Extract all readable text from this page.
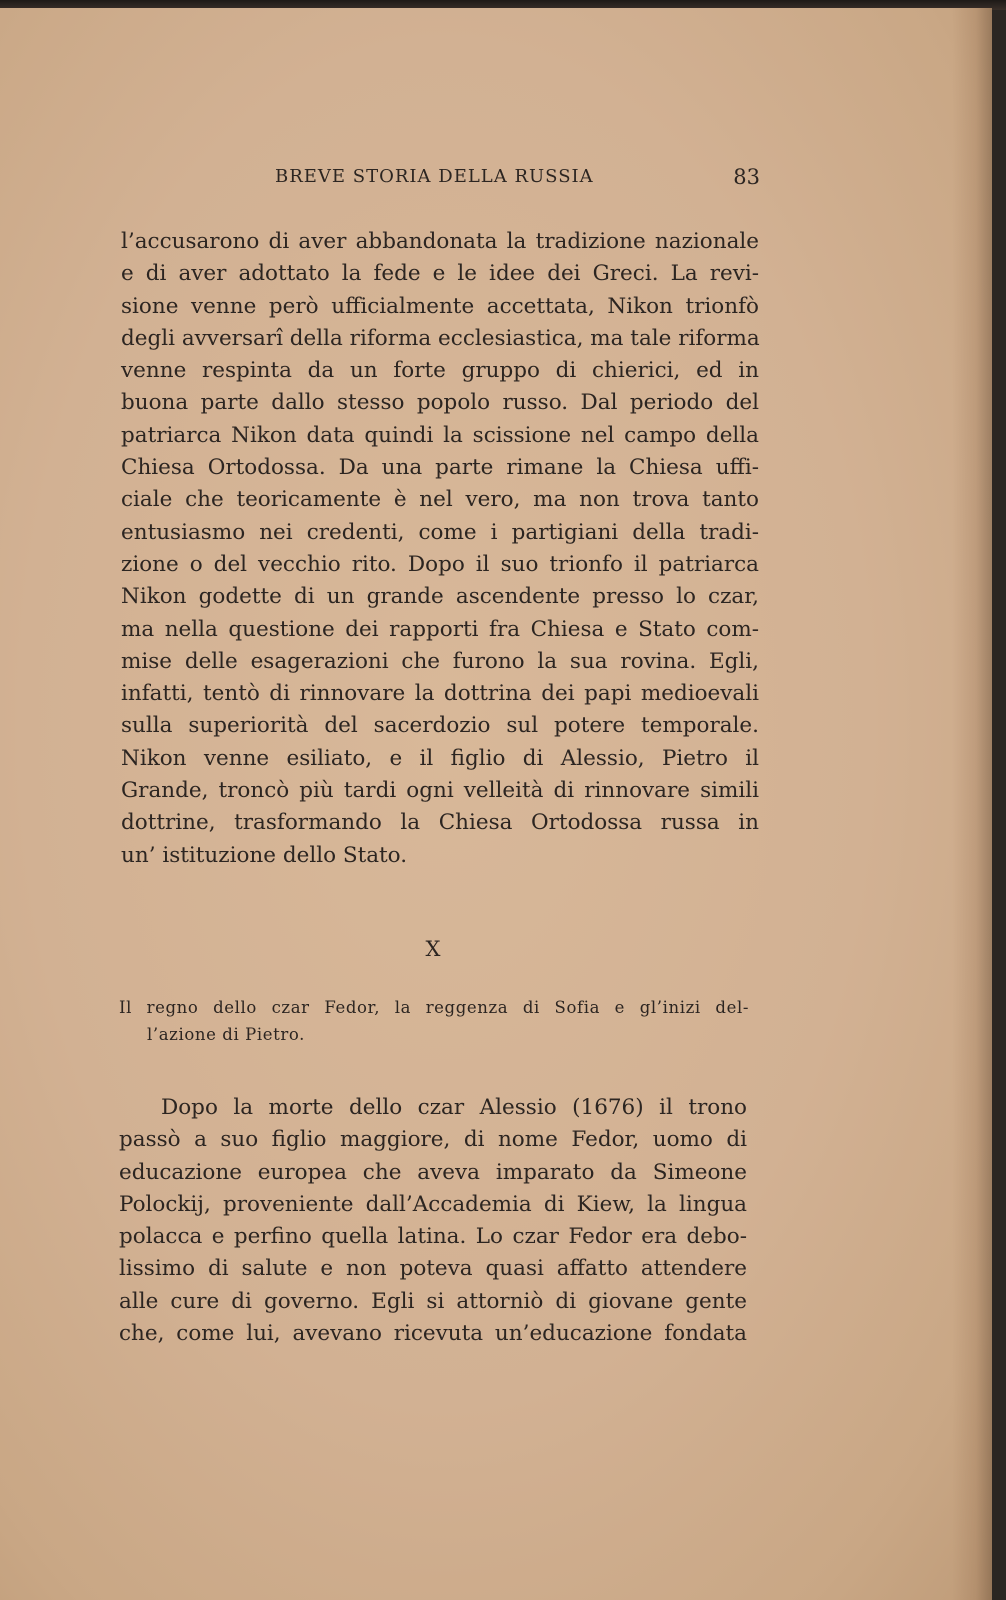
BREVE STORIA DELLA RUSSIA	83
l’accusarono di aver abbandonata la tradizione nazionale
e di aver adottato la fede e le idee dei Greci. La revi-
sione venne però ufficialmente accettata, Nikon trionfò
degli avversarî della riforma ecclesiastica, ma tale riforma
venne respinta da un forte gruppo di chierici, ed in
buona parte dallo stesso popolo russo. Dal periodo del
patriarca Nikon data quindi la scissione nel campo della
Chiesa Ortodossa. Da una parte rimane la Chiesa uffi-
ciale che teoricamente è nel vero, ma non trova tanto
entusiasmo nei credenti, come i partigiani della tradi-
zione o del vecchio rito. Dopo il suo trionfo il patriarca
Nikon godette di un grande ascendente presso lo czar,
ma nella questione dei rapporti fra Chiesa e Stato com-
mise delle esagerazioni che furono la sua rovina. Egli,
infatti, tentò di rinnovare la dottrina dei papi medioevali
sulla superiorità del sacerdozio sul potere temporale.
Nikon venne esiliato, e il figlio di Alessio, Pietro il
Grande, troncò più tardi ogni velleità di rinnovare simili
dottrine, trasformando la Chiesa Ortodossa russa in
un’ istituzione dello Stato.
X
Il regno dello czar Fedor, la reggenza di Sofia e gl’inizi del-
l’azione di Pietro.
Dopo la morte dello czar Alessio (1676) il trono
passò a suo figlio maggiore, di nome Fedor, uomo di
educazione europea che aveva imparato da Simeone
Polockij, proveniente dall’Accademia di Kiew, la lingua
polacca e perfino quella latina. Lo czar Fedor era debo-
lissimo di salute e non poteva quasi affatto attendere
alle cure di governo. Egli si attorniò di giovane gente
che, come lui, avevano ricevuta un’educazione fondata
